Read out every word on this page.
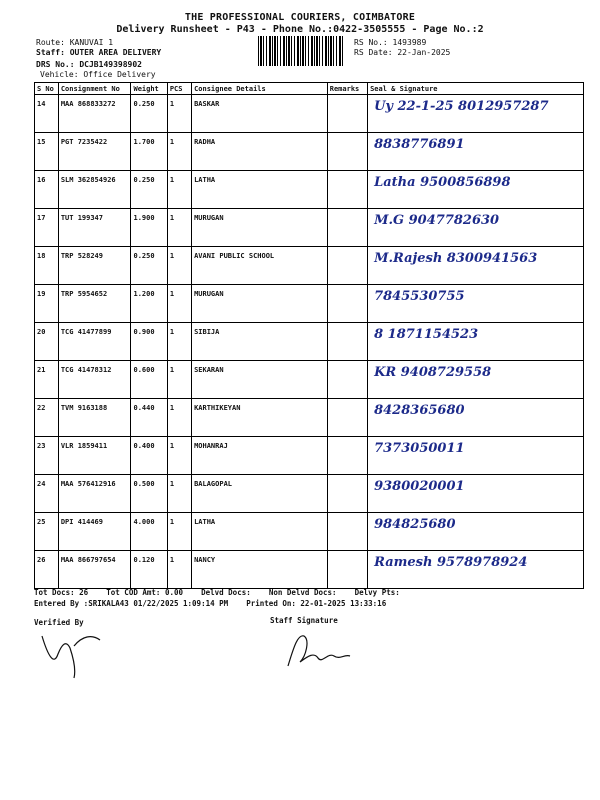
THE PROFESSIONAL COURIERS, COIMBATORE
Delivery Runsheet - P43 - Phone No.:0422-3505555 - Page No.:2
Route: KANUVAI 1
Staff: OUTER AREA DELIVERY
DRS No.: DCJB149398902
Vehicle: Office Delivery
RS No.: 1493989
RS Date: 22-Jan-2025
S No	Consignment No	Weight	PCS	Consignee Details	Remarks	Seal & Signature
14	MAA 868833272	0.250	1	BASKAR		Uy 22-1-25 8012957287

15	PGT 7235422	1.700	1	RADHA		8838776891

16	SLM 362854926	0.250	1	LATHA		Latha 9500856898

17	TUT 199347	1.900	1	MURUGAN		M.G 9047782630

18	TRP 528249	0.250	1	AVANI PUBLIC SCHOOL		M.Rajesh 8300941563

19	TRP 5954652	1.200	1	MURUGAN		7845530755

20	TCG 41477899	0.900	1	SIBIJA		8 1871154523

21	TCG 41478312	0.600	1	SEKARAN		KR 9408729558

22	TVM 9163188	0.440	1	KARTHIKEYAN		8428365680

23	VLR 1859411	0.400	1	MOHANRAJ		7373050011

24	MAA 576412916	0.500	1	BALAGOPAL		9380020001

25	DPI 414469	4.000	1	LATHA		984825680

26	MAA 866797654	0.120	1	NANCY		Ramesh 9578978924
Tot Docs: 26 Tot COD Amt: 0.00 Delvd Docs: Non Delvd Docs: Delvy Pts:
Entered By :SRIKALA43 01/22/2025 1:09:14 PM Printed On: 22-01-2025 13:33:16
Verified By	Staff Signature
